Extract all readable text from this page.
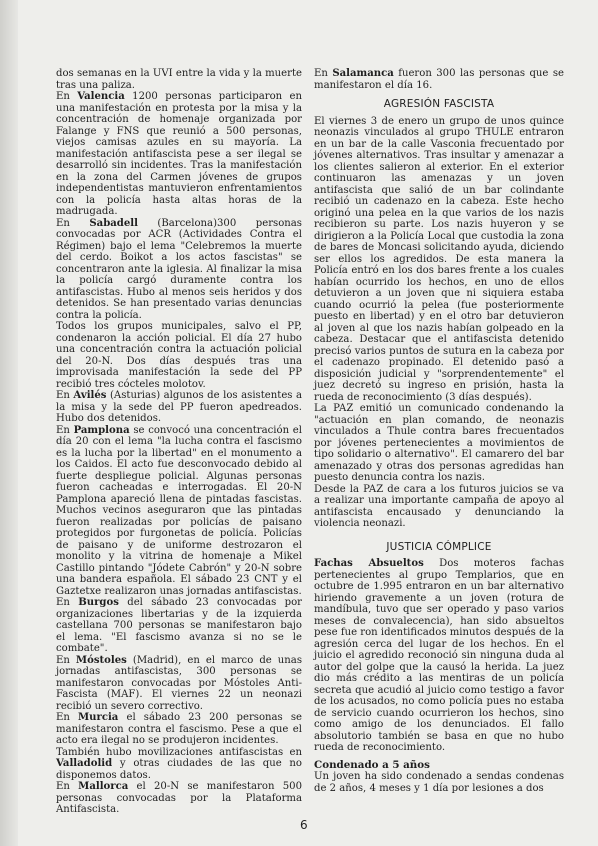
dos semanas en la UVI entre la vida y la muerte tras una paliza.

En Valencia 1200 personas participaron en una manifestación en protesta por la misa y la concentración de homenaje organizada por Falange y FNS que reunió a 500 personas, viejos camisas azules en su mayoría. La manifestación antifascista pese a ser ilegal se desarrolló sin incidentes. Tras la manifestación en la zona del Carmen jóvenes de grupos independentistas mantuvieron enfrentamientos con la policía hasta altas horas de la madrugada.

En Sabadell (Barcelona)300 personas convocadas por ACR (Actividades Contra el Régimen) bajo el lema "Celebremos la muerte del cerdo. Boikot a los actos fascistas" se concentraron ante la iglesia. Al finalizar la misa la policía cargó duramente contra los antifascistas. Hubo al menos seis heridos y dos detenidos. Se han presentado varias denuncias contra la policía.

Todos los grupos municipales, salvo el PP, condenaron la acción policial. El día 27 hubo una concentración contra la actuación policial del 20-N. Dos días después tras una improvisada manifestación la sede del PP recibió tres cócteles molotov.

En Avilés (Asturias) algunos de los asistentes a la misa y la sede del PP fueron apedreados. Hubo dos detenidos.

En Pamplona se convocó una concentración el día 20 con el lema "la lucha contra el fascismo es la lucha por la libertad" en el monumento a los Caidos. El acto fue desconvocado debido al fuerte despliegue policial. Algunas personas fueron cacheadas e interrogadas. El 20-N Pamplona apareció llena de pintadas fascistas. Muchos vecinos aseguraron que las pintadas fueron realizadas por policías de paisano protegidos por furgonetas de policía. Policías de paisano y de uniforme destrozaron el monolito y la vitrina de homenaje a Mikel Castillo pintando "Jódete Cabrón" y 20-N sobre una bandera española. El sábado 23 CNT y el Gaztetxe realizaron unas jornadas antifascistas.

En Burgos del sábado 23 convocadas por organizaciones libertarias y de la izquierda castellana 700 personas se manifestaron bajo el lema. "El fascismo avanza si no se le combate".

En Móstoles (Madrid), en el marco de unas jornadas antifascistas, 300 personas se manifestaron convocadas por Móstoles Anti-Fascista (MAF). El viernes 22 un neonazi recibió un severo correctivo.

En Murcia el sábado 23 200 personas se manifestaron contra el fascismo. Pese a que el acto era ilegal no se produjeron incidentes.

También hubo movilizaciones antifascistas en Valladolid y otras ciudades de las que no disponemos datos.

En Mallorca el 20-N se manifestaron 500 personas convocadas por la Plataforma Antifascista.

En Salamanca fueron 300 las personas que se manifestaron el día 16.

AGRESIÓN FASCISTA

El viernes 3 de enero un grupo de unos quince neonazis vinculados al grupo THULE entraron en un bar de la calle Vasconia frecuentado por jóvenes alternativos. Tras insultar y amenazar a los clientes salieron al exterior. En el exterior continuaron las amenazas y un joven antifascista que salió de un bar colindante recibió un cadenazo en la cabeza. Este hecho originó una pelea en la que varios de los nazis recibieron su parte. Los nazis huyeron y se dirigieron a la Policía Local que custodia la zona de bares de Moncasi solicitando ayuda, diciendo ser ellos los agredidos. De esta manera la Policía entró en los dos bares frente a los cuales habían ocurrido los hechos, en uno de ellos detuvieron a un joven que ni siquiera estaba cuando ocurrió la pelea (fue posteriormente puesto en libertad) y en el otro bar detuvieron al joven al que los nazis habían golpeado en la cabeza. Destacar que el antifascista detenido precisó varios puntos de sutura en la cabeza por el cadenazo propinado. El detenido pasó a disposición judicial y "sorprendentemente" el juez decretó su ingreso en prisión, hasta la rueda de reconocimiento (3 días después).

La PAZ emitió un comunicado condenando la "actuación en plan comando, de neonazis vinculados a Thule contra bares frecuentados por jóvenes pertenecientes a movimientos de tipo solidario o alternativo". El camarero del bar amenazado y otras dos personas agredidas han puesto denuncia contra los nazis.

Desde la PAZ de cara a los futuros juicios se va a realizar una importante campaña de apoyo al antifascista encausado y denunciando la violencia neonazi.

JUSTICIA CÓMPLICE

Fachas Absueltos Dos moteros fachas pertenecientes al grupo Templarios, que en octubre de 1.995 entraron en un bar alternativo hiriendo gravemente a un joven (rotura de mandíbula, tuvo que ser operado y paso varios meses de convalecencia), han sido absueltos pese fue ron identificados minutos después de la agresión cerca del lugar de los hechos. En el juicio el agredido reconoció sin ninguna duda al autor del golpe que la causó la herida. La juez dio más crédito a las mentiras de un policía secreta que acudió al juicio como testigo a favor de los acusados, no como policía pues no estaba de servicio cuando ocurrieron los hechos, sino como amigo de los denunciados. El fallo absolutorio también se basa en que no hubo rueda de reconocimiento.

Condenado a 5 años

Un joven ha sido condenado a sendas condenas de 2 años, 4 meses y 1 día por lesiones a dos

6
